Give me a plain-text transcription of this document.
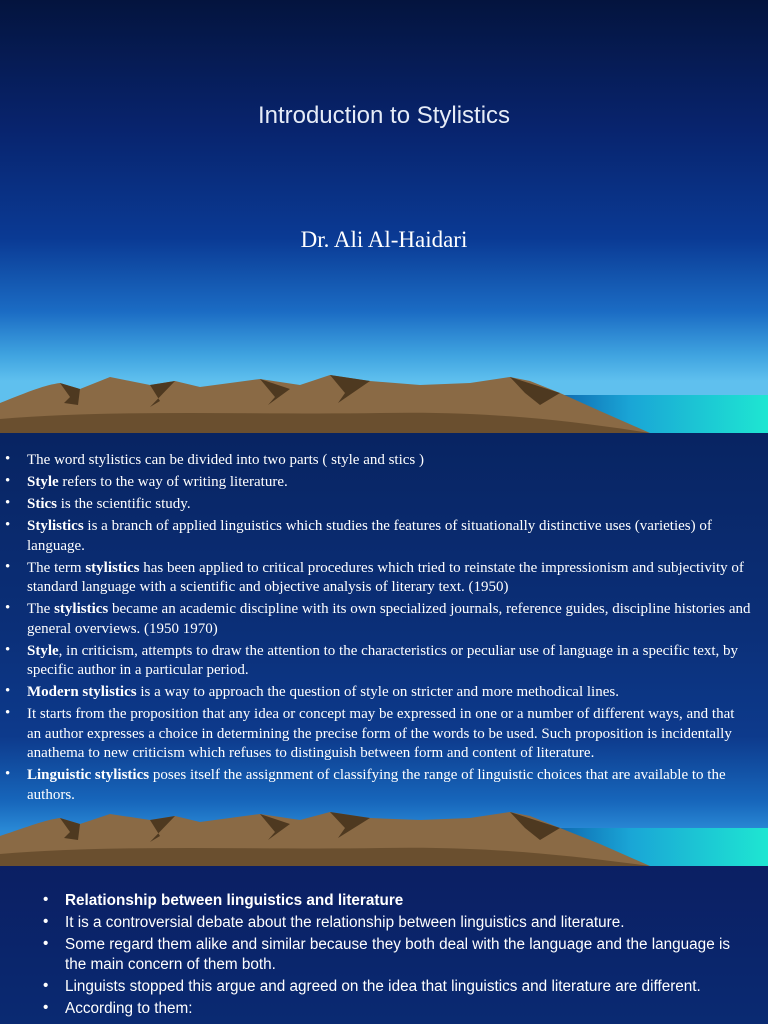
Introduction to Stylistics
Dr. Ali Al-Haidari
• The word stylistics can be divided into two parts ( style and stics )
• Style refers to the way of writing literature.
• Stics is the scientific study.
• Stylistics is a branch of applied linguistics which studies the features of situationally distinctive uses (varieties) of language.
• The term stylistics has been applied to critical procedures which tried to reinstate the impressionism and subjectivity of standard language with a scientific and objective analysis of literary text. (1950)
• The stylistics became an academic discipline with its own specialized journals, reference guides, discipline histories and general overviews. (1950 1970)
• Style, in criticism, attempts to draw the attention to the characteristics or peculiar use of language in a specific text, by specific author in a particular period.
• Modern stylistics is a way to approach the question of style on stricter and more methodical lines.
• It starts from the proposition that any idea or concept may be expressed in one or a number of different ways, and that an author expresses a choice in determining the precise form of the words to be used. Such proposition is incidentally anathema to new criticism which refuses to distinguish between form and content of literature.
• Linguistic stylistics poses itself the assignment of classifying the range of linguistic choices that are available to the authors.
• Relationship between linguistics and literature
• It is a controversial debate about the relationship between linguistics and literature.
• Some regard them alike and similar because they both deal with the language and the language is the main concern of them both.
• Linguists stopped this argue and agreed on the idea that linguistics and literature are different.
• According to them:
